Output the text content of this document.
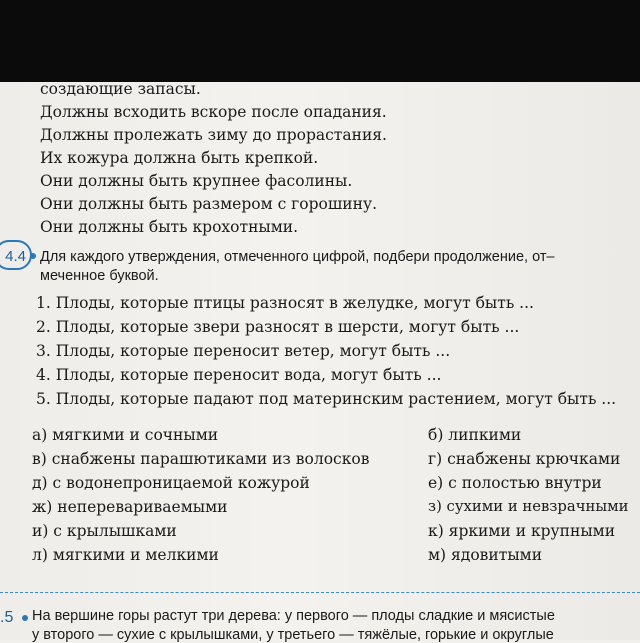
создающие запасы.
Должны всходить вскоре после опадания.
Должны пролежать зиму до прорастания.
Их кожура должна быть крепкой.
Они должны быть крупнее фасолины.
Они должны быть размером с горошину.
Они должны быть крохотными.
4.4 Для каждого утверждения, отмеченного цифрой, подбери продолжение, от–
меченное буквой.
1. Плоды, которые птицы разносят в желудке, могут быть ...
2. Плоды, которые звери разносят в шерсти, могут быть ...
3. Плоды, которые переносит ветер, могут быть ...
4. Плоды, которые переносит вода, могут быть ...
5. Плоды, которые падают под материнским растением, могут быть ...
а) мягкими и сочными
в) снабжены парашютиками из волосков
д) с водонепроницаемой кожурой
ж) неперевариваемыми
и) с крылышками
л) мягкими и мелкими
б) липкими
г) снабжены крючками
е) с полостью внутри
з) сухими и невзрачными
к) яркими и крупными
м) ядовитыми
.5 На вершине горы растут три дерева: у первого — плоды сладкие и мясистые
у второго — сухие с крылышками, у третьего — тяжёлые, горькие и округлые
